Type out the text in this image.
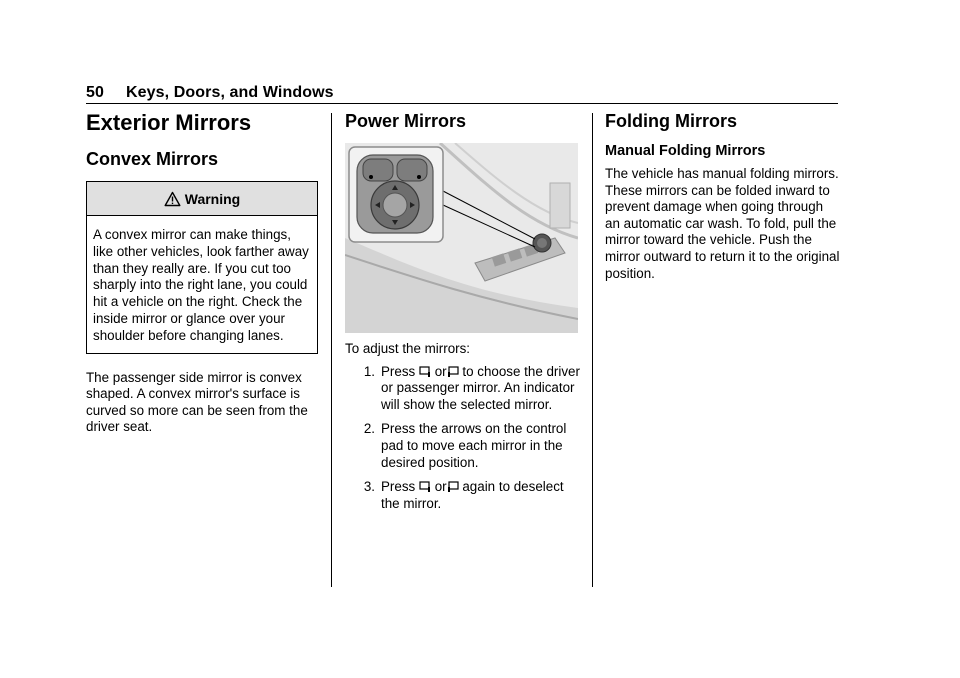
50 Keys, Doors, and Windows
Exterior Mirrors
Convex Mirrors
Warning
A convex mirror can make things, like other vehicles, look farther away than they really are. If you cut too sharply into the right lane, you could hit a vehicle on the right. Check the inside mirror or glance over your shoulder before changing lanes.

The passenger side mirror is convex shaped. A convex mirror's surface is curved so more can be seen from the driver seat.

Power Mirrors

To adjust the mirrors:

1. Press or to choose the driver or passenger mirror. An indicator will show the selected mirror.
2. Press the arrows on the control pad to move each mirror in the desired position.
3. Press or again to deselect the mirror.
Folding Mirrors
Manual Folding Mirrors

The vehicle has manual folding mirrors. These mirrors can be folded inward to prevent damage when going through an automatic car wash. To fold, pull the mirror toward the vehicle. Push the mirror outward to return it to the original position.
